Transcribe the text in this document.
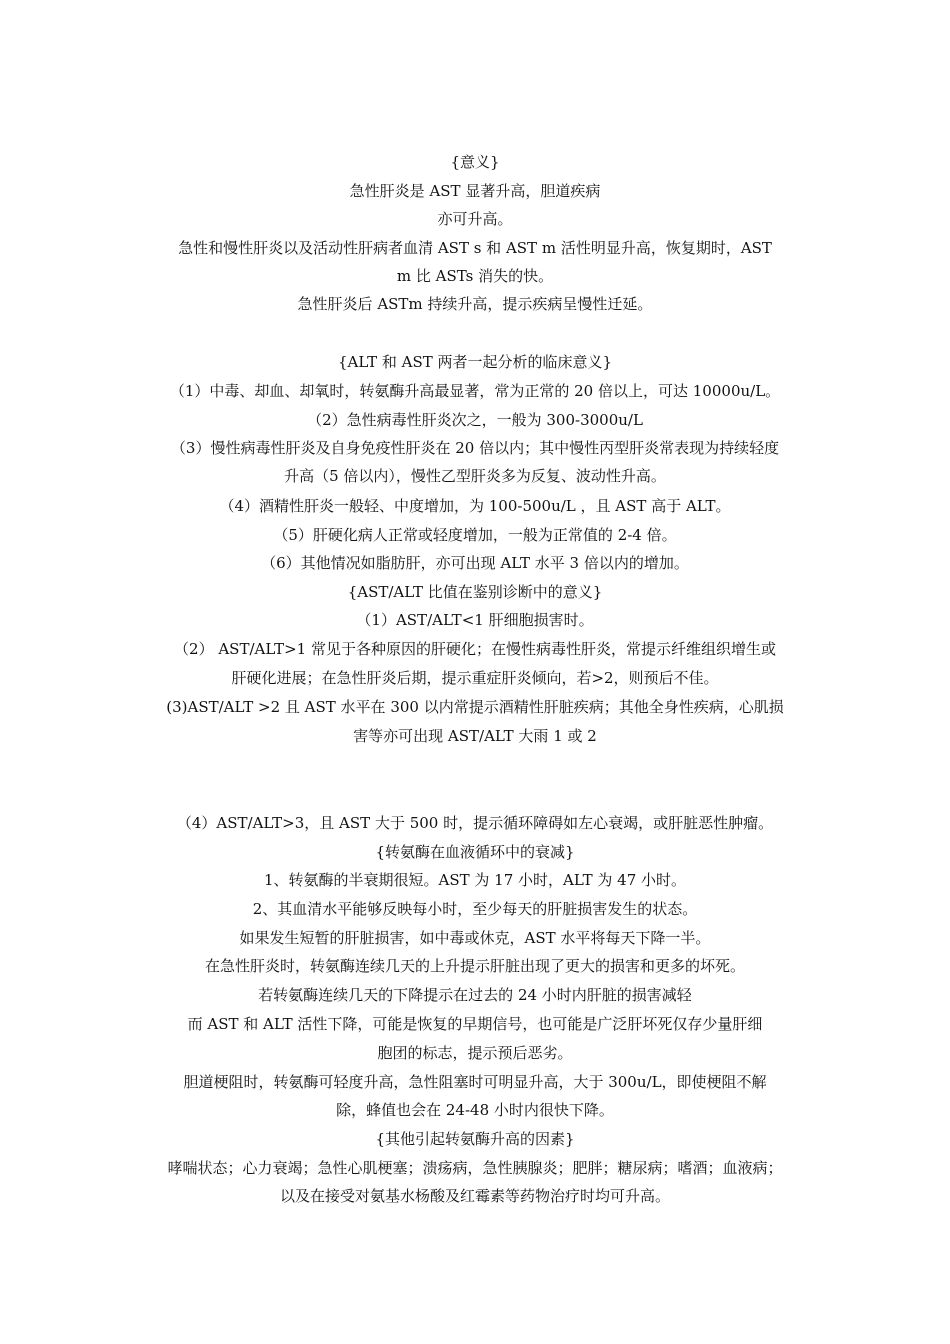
{意义}
急性肝炎是 AST 显著升高，胆道疾病
亦可升高。
急性和慢性肝炎以及活动性肝病者血清 AST s 和 AST m 活性明显升高，恢复期时，AST
m 比 ASTs 消失的快。
急性肝炎后 ASTm 持续升高，提示疾病呈慢性迁延。
{ALT 和 AST 两者一起分析的临床意义}
（1）中毒、却血、却氧时，转氨酶升高最显著，常为正常的 20 倍以上，可达 10000u/L。
（2）急性病毒性肝炎次之，一般为 300-3000u/L
（3）慢性病毒性肝炎及自身免疫性肝炎在 20 倍以内；其中慢性丙型肝炎常表现为持续轻度
升高（5 倍以内），慢性乙型肝炎多为反复、波动性升高。
（4）酒精性肝炎一般轻、中度增加，为 100-500u/L ，且 AST 高于 ALT。
（5）肝硬化病人正常或轻度增加，一般为正常值的 2-4 倍。
（6）其他情况如脂肪肝，亦可出现 ALT 水平 3 倍以内的增加。
{AST/ALT 比值在鉴别诊断中的意义}
（1）AST/ALT<1 肝细胞损害时。
（2） AST/ALT>1 常见于各种原因的肝硬化；在慢性病毒性肝炎，常提示纤维组织增生或
肝硬化进展；在急性肝炎后期，提示重症肝炎倾向，若>2，则预后不佳。
(3)AST/ALT >2 且 AST 水平在 300 以内常提示酒精性肝脏疾病；其他全身性疾病，心肌损
害等亦可出现 AST/ALT 大雨 1 或 2
（4）AST/ALT>3，且 AST 大于 500 时，提示循环障碍如左心衰竭，或肝脏恶性肿瘤。
{转氨酶在血液循环中的衰减}
1、转氨酶的半衰期很短。AST 为 17 小时，ALT 为 47 小时。
2、其血清水平能够反映每小时，至少每天的肝脏损害发生的状态。
如果发生短暂的肝脏损害，如中毒或休克，AST 水平将每天下降一半。
在急性肝炎时，转氨酶连续几天的上升提示肝脏出现了更大的损害和更多的坏死。
若转氨酶连续几天的下降提示在过去的 24 小时内肝脏的损害减轻
而 AST 和 ALT 活性下降，可能是恢复的早期信号，也可能是广泛肝坏死仅存少量肝细
胞团的标志，提示预后恶劣。
胆道梗阻时，转氨酶可轻度升高，急性阻塞时可明显升高，大于 300u/L，即使梗阻不解
除，蜂值也会在 24-48 小时内很快下降。
{其他引起转氨酶升高的因素}
哮喘状态；心力衰竭；急性心肌梗塞；溃疡病，急性胰腺炎；肥胖；糖尿病；嗜酒；血液病；
以及在接受对氨基水杨酸及红霉素等药物治疗时均可升高。
